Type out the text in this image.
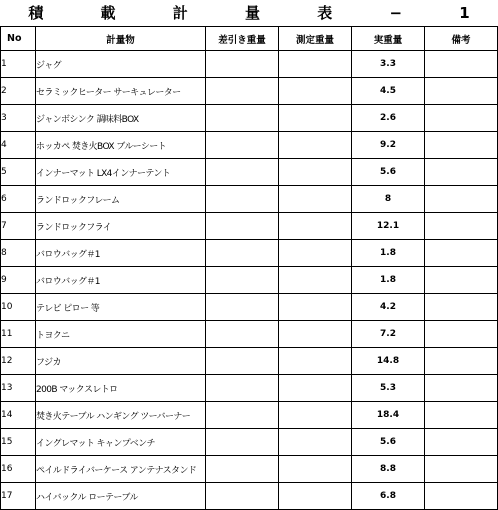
積 載 計 量 表 − 1
No	計量物	差引き重量	測定重量	実重量	備考
1	ジャグ			3.3	
2	セラミックヒーター サーキュレーター			4.5	
3	ジャンボシンク 調味料BOX			2.6	
4	ホッカペ 焚き火BOX ブルーシート			9.2	
5	インナーマット LX4インナーテント			5.6	
6	ランドロックフレーム			8	
7	ランドロックフライ			12.1	
8	バロウバッグ＃1			1.8	
9	バロウバッグ＃1			1.8	
10	テレビ ピロー 等			4.2	
11	トヨクニ			7.2	
12	フジカ			14.8	
13	200B マックスレトロ			5.3	
14	焚き火テーブル ハンギング ツーバーナー			18.4	
15	イングレマット キャンプベンチ			5.6	
16	ペイルドライバーケース アンテナスタンド			8.8	
17	ハイバックル ローテーブル			6.8	
